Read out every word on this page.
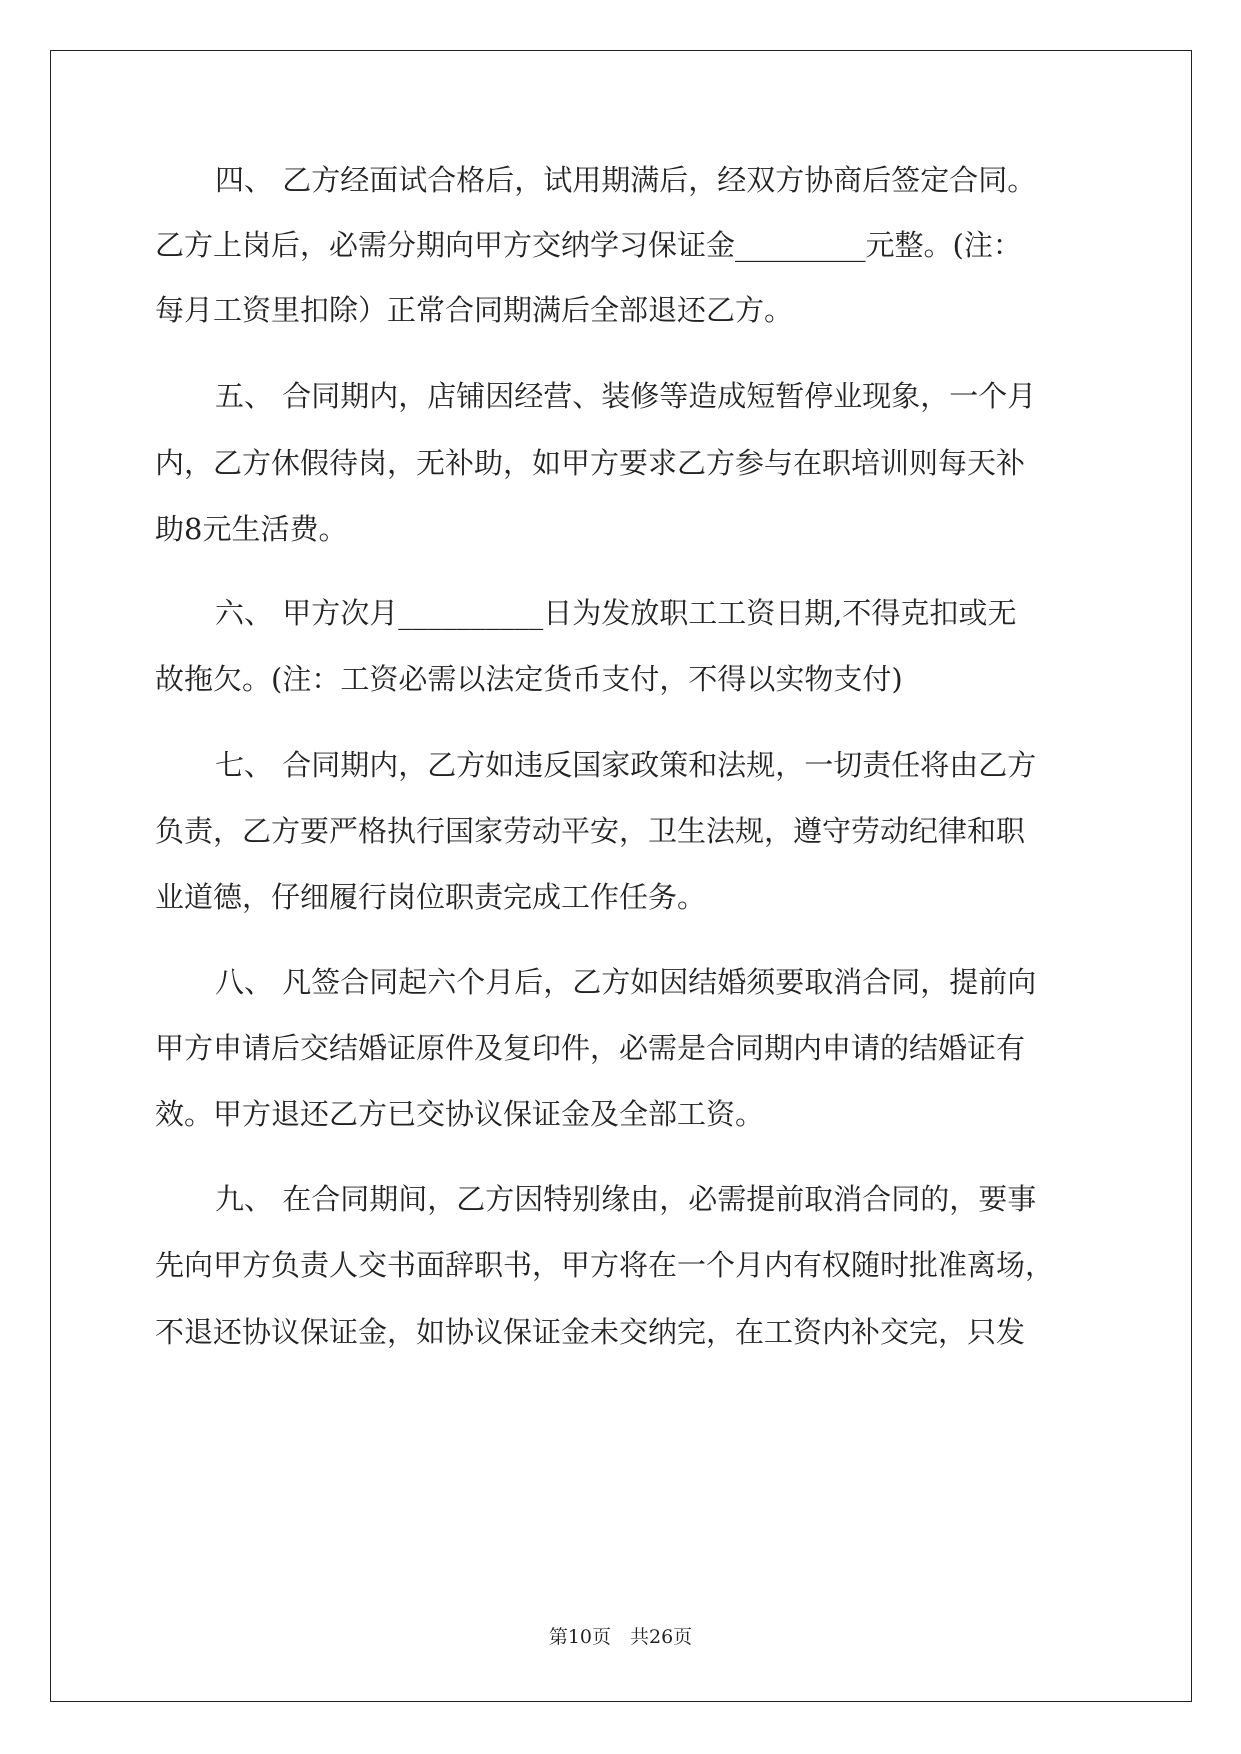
四、 乙方经面试合格后，试用期满后，经双方协商后签定合同。
乙方上岗后，必需分期向甲方交纳学习保证金_________元整。(注：
每月工资里扣除）正常合同期满后全部退还乙方。
五、 合同期内，店铺因经营、装修等造成短暂停业现象，一个月
内，乙方休假待岗，无补助，如甲方要求乙方参与在职培训则每天补
助8元生活费。
六、 甲方次月__________日为发放职工工资日期,不得克扣或无
故拖欠。(注：工资必需以法定货币支付，不得以实物支付)
七、 合同期内，乙方如违反国家政策和法规，一切责任将由乙方
负责，乙方要严格执行国家劳动平安，卫生法规，遵守劳动纪律和职
业道德，仔细履行岗位职责完成工作任务。
八、 凡签合同起六个月后，乙方如因结婚须要取消合同，提前向
甲方申请后交结婚证原件及复印件，必需是合同期内申请的结婚证有
效。甲方退还乙方已交协议保证金及全部工资。
九、 在合同期间，乙方因特别缘由，必需提前取消合同的，要事
先向甲方负责人交书面辞职书，甲方将在一个月内有权随时批准离场，
不退还协议保证金，如协议保证金未交纳完，在工资内补交完，只发
第10页　共26页
